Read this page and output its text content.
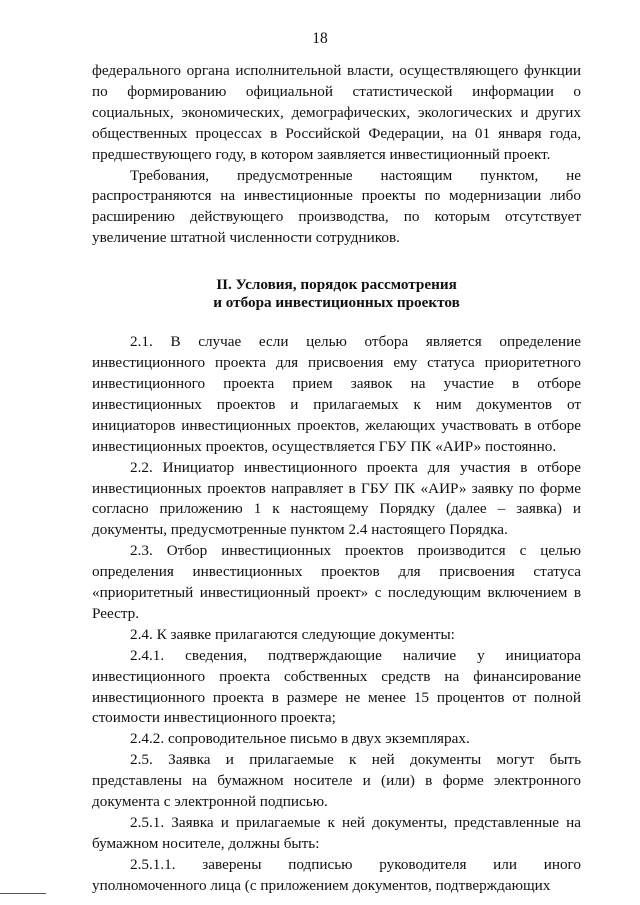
18

федерального органа исполнительной власти, осуществляющего функции по формированию официальной статистической информации о социальных, экономических, демографических, экологических и других общественных процессах в Российской Федерации, на 01 января года, предшествующего году, в котором заявляется инвестиционный проект.

Требования, предусмотренные настоящим пунктом, не распространяются на инвестиционные проекты по модернизации либо расширению действующего производства, по которым отсутствует увеличение штатной численности сотрудников.

II. Условия, порядок рассмотрения
и отбора инвестиционных проектов

2.1. В случае если целью отбора является определение инвестиционного проекта для присвоения ему статуса приоритетного инвестиционного проекта прием заявок на участие в отборе инвестиционных проектов и прилагаемых к ним документов от инициаторов инвестиционных проектов, желающих участвовать в отборе инвестиционных проектов, осуществляется ГБУ ПК «АИР» постоянно.

2.2. Инициатор инвестиционного проекта для участия в отборе инвестиционных проектов направляет в ГБУ ПК «АИР» заявку по форме согласно приложению 1 к настоящему Порядку (далее – заявка) и документы, предусмотренные пунктом 2.4 настоящего Порядка.

2.3. Отбор инвестиционных проектов производится с целью определения инвестиционных проектов для присвоения статуса «приоритетный инвестиционный проект» с последующим включением в Реестр.

2.4. К заявке прилагаются следующие документы:

2.4.1. сведения, подтверждающие наличие у инициатора инвестиционного проекта собственных средств на финансирование инвестиционного проекта в размере не менее 15 процентов от полной стоимости инвестиционного проекта;

2.4.2. сопроводительное письмо в двух экземплярах.

2.5. Заявка и прилагаемые к ней документы могут быть представлены на бумажном носителе и (или) в форме электронного документа с электронной подписью.

2.5.1. Заявка и прилагаемые к ней документы, представленные на бумажном носителе, должны быть:

2.5.1.1. заверены подписью руководителя или иного уполномоченного лица (с приложением документов, подтверждающих
